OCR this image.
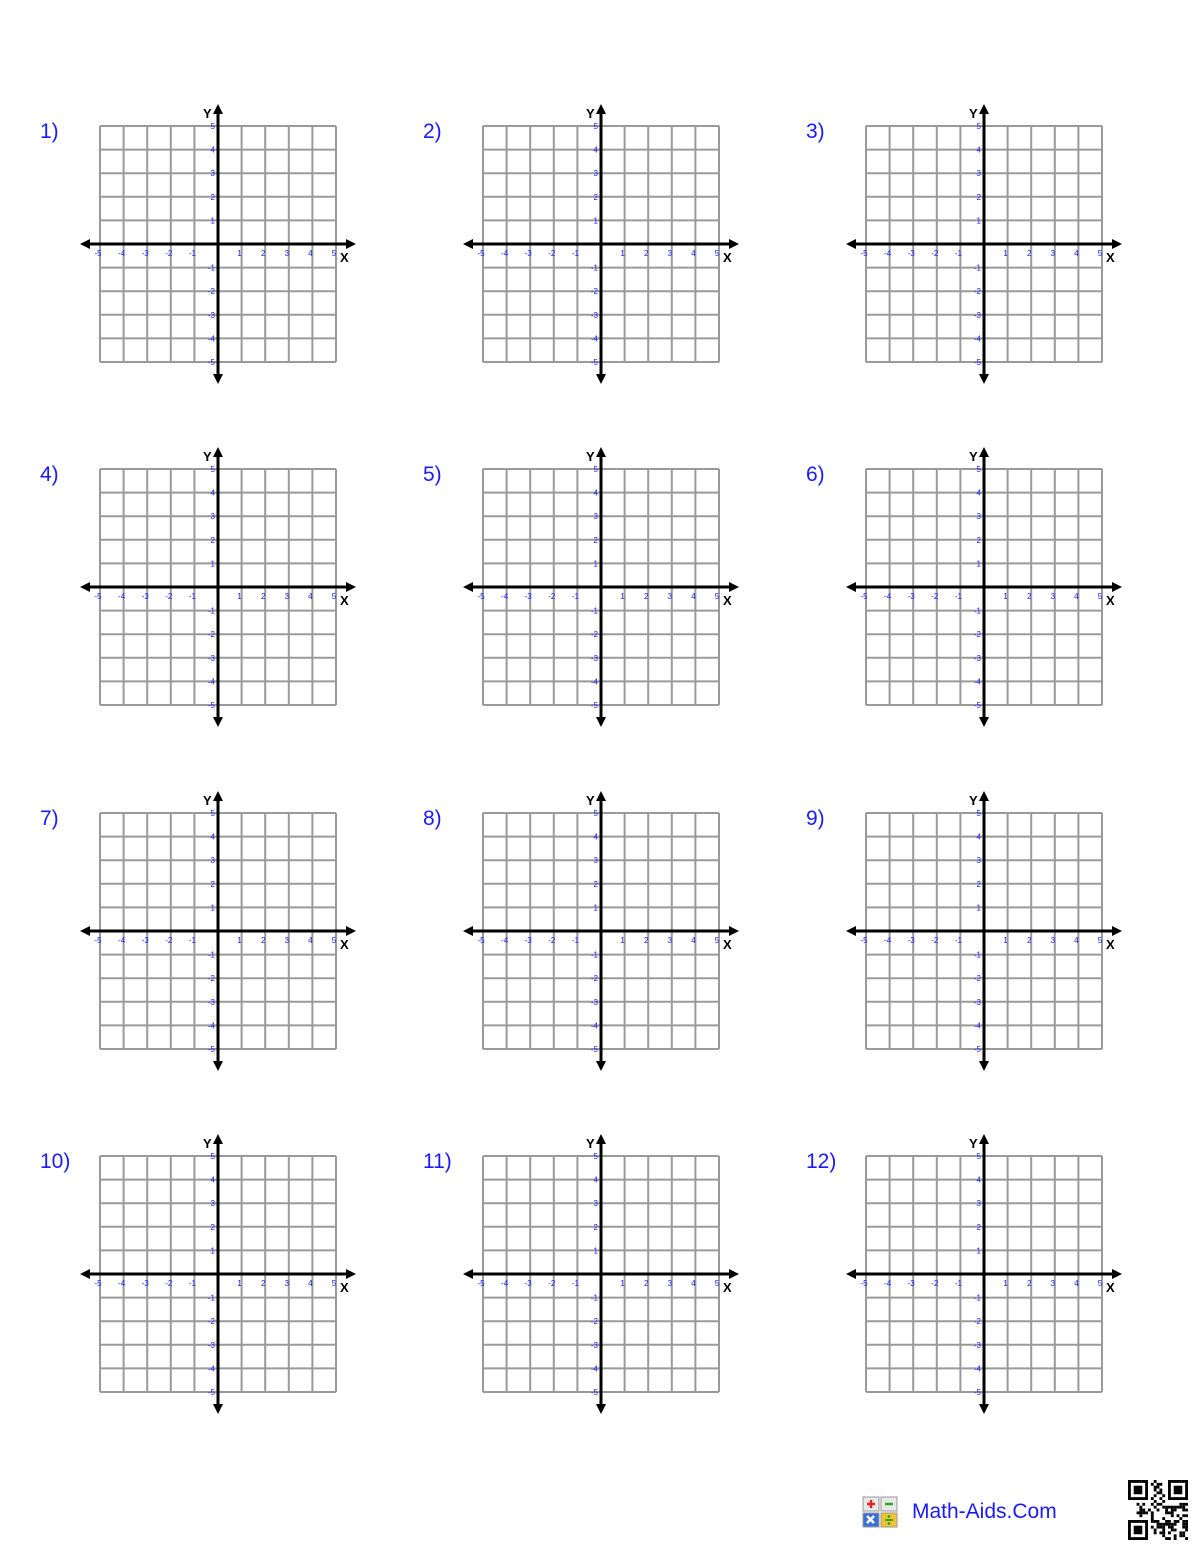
1)
-5 -4 -3 -2 -1	1 2 3 4 5
5
4
3
2
1
-1
-2
-3
-4
-5
X
Y
2)
-5 -4 -3 -2 -1	1 2 3 4 5
5
4
3
2
1
-1
-2
-3
-4
-5
X
Y
3)
-5 -4 -3 -2 -1	1 2 3 4 5
5
4
3
2
1
-1
-2
-3
-4
-5
X
Y
4)
-5 -4 -3 -2 -1	1 2 3 4 5
5
4
3
2
1
-1
-2
-3
-4
-5
X
Y
5)
-5 -4 -3 -2 -1	1 2 3 4 5
5
4
3
2
1
-1
-2
-3
-4
-5
X
Y
6)
-5 -4 -3 -2 -1	1 2 3 4 5
5
4
3
2
1
-1
-2
-3
-4
-5
X
Y
7)
-5 -4 -3 -2 -1	1 2 3 4 5
5
4
3
2
1
-1
-2
-3
-4
-5
X
Y
8)
-5 -4 -3 -2 -1	1 2 3 4 5
5
4
3
2
1
-1
-2
-3
-4
-5
X
Y
9)
-5 -4 -3 -2 -1	1 2 3 4 5
5
4
3
2
1
-1
-2
-3
-4
-5
X
Y
10)
-5 -4 -3 -2 -1	1 2 3 4 5
5
4
3
2
1
-1
-2
-3
-4
-5
X
Y
11)
-5 -4 -3 -2 -1	1 2 3 4 5
5
4
3
2
1
-1
-2
-3
-4
-5
X
Y
12)
-5 -4 -3 -2 -1	1 2 3 4 5
5
4
3
2
1
-1
-2
-3
-4
-5
X
Y
Math-Aids.Com
